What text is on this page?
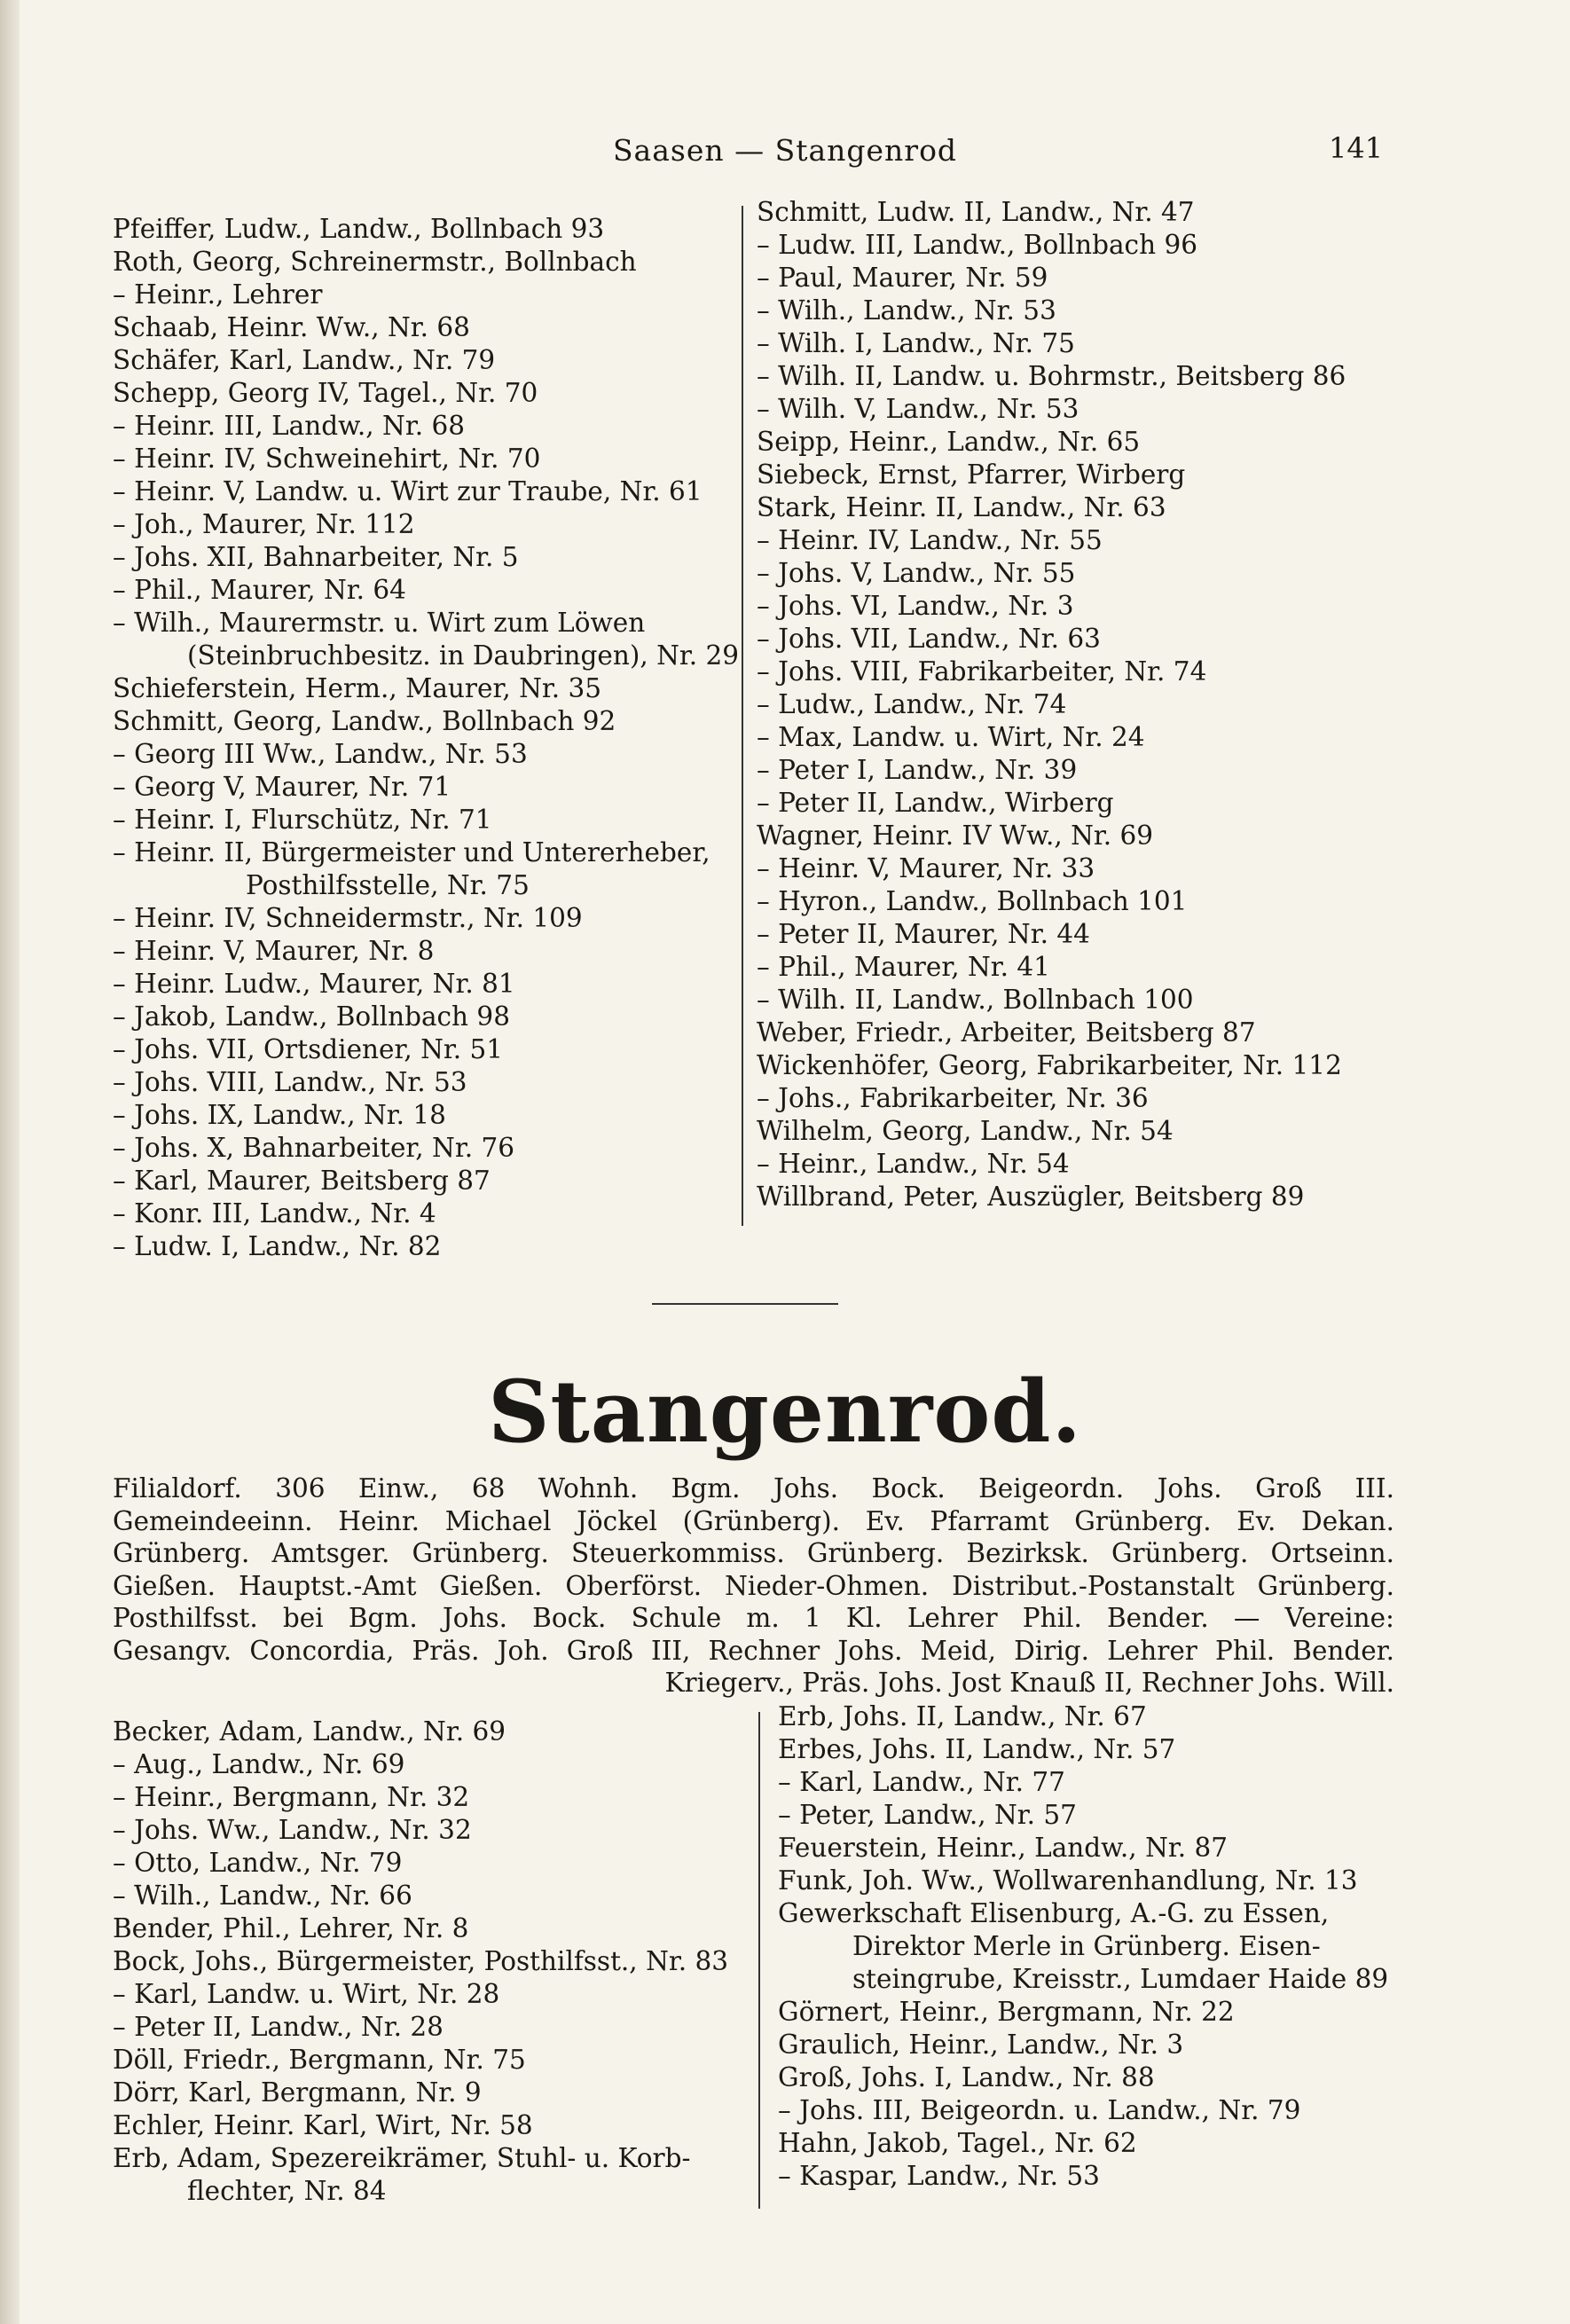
Saasen — Stangenrod	141
Pfeiffer, Ludw., Landw., Bollnbach 93
Roth, Georg, Schreinermstr., Bollnbach
– Heinr., Lehrer
Schaab, Heinr. Ww., Nr. 68
Schäfer, Karl, Landw., Nr. 79
Schepp, Georg IV, Tagel., Nr. 70
– Heinr. III, Landw., Nr. 68
– Heinr. IV, Schweinehirt, Nr. 70
– Heinr. V, Landw. u. Wirt zur Traube, Nr. 61
– Joh., Maurer, Nr. 112
– Johs. XII, Bahnarbeiter, Nr. 5
– Phil., Maurer, Nr. 64
– Wilh., Maurermstr. u. Wirt zum Löwen
(Steinbruchbesitz. in Daubringen), Nr. 29
Schieferstein, Herm., Maurer, Nr. 35
Schmitt, Georg, Landw., Bollnbach 92
– Georg III Ww., Landw., Nr. 53
– Georg V, Maurer, Nr. 71
– Heinr. I, Flurschütz, Nr. 71
– Heinr. II, Bürgermeister und Untererheber,
Posthilfsstelle, Nr. 75
– Heinr. IV, Schneidermstr., Nr. 109
– Heinr. V, Maurer, Nr. 8
– Heinr. Ludw., Maurer, Nr. 81
– Jakob, Landw., Bollnbach 98
– Johs. VII, Ortsdiener, Nr. 51
– Johs. VIII, Landw., Nr. 53
– Johs. IX, Landw., Nr. 18
– Johs. X, Bahnarbeiter, Nr. 76
– Karl, Maurer, Beitsberg 87
– Konr. III, Landw., Nr. 4
– Ludw. I, Landw., Nr. 82
Schmitt, Ludw. II, Landw., Nr. 47
– Ludw. III, Landw., Bollnbach 96
– Paul, Maurer, Nr. 59
– Wilh., Landw., Nr. 53
– Wilh. I, Landw., Nr. 75
– Wilh. II, Landw. u. Bohrmstr., Beitsberg 86
– Wilh. V, Landw., Nr. 53
Seipp, Heinr., Landw., Nr. 65
Siebeck, Ernst, Pfarrer, Wirberg
Stark, Heinr. II, Landw., Nr. 63
– Heinr. IV, Landw., Nr. 55
– Johs. V, Landw., Nr. 55
– Johs. VI, Landw., Nr. 3
– Johs. VII, Landw., Nr. 63
– Johs. VIII, Fabrikarbeiter, Nr. 74
– Ludw., Landw., Nr. 74
– Max, Landw. u. Wirt, Nr. 24
– Peter I, Landw., Nr. 39
– Peter II, Landw., Wirberg
Wagner, Heinr. IV Ww., Nr. 69
– Heinr. V, Maurer, Nr. 33
– Hyron., Landw., Bollnbach 101
– Peter II, Maurer, Nr. 44
– Phil., Maurer, Nr. 41
– Wilh. II, Landw., Bollnbach 100
Weber, Friedr., Arbeiter, Beitsberg 87
Wickenhöfer, Georg, Fabrikarbeiter, Nr. 112
– Johs., Fabrikarbeiter, Nr. 36
Wilhelm, Georg, Landw., Nr. 54
– Heinr., Landw., Nr. 54
Willbrand, Peter, Auszügler, Beitsberg 89
Stangenrod.
Filialdorf. 306 Einw., 68 Wohnh. Bgm. Johs. Bock. Beigeordn. Johs. Groß III.
Gemeindeeinn. Heinr. Michael Jöckel (Grünberg). Ev. Pfarramt Grünberg. Ev. Dekan.
Grünberg. Amtsger. Grünberg. Steuerkommiss. Grünberg. Bezirksk. Grünberg. Ortseinn.
Gießen. Hauptst.-Amt Gießen. Oberförst. Nieder-Ohmen. Distribut.-Postanstalt Grünberg.
Posthilfsst. bei Bgm. Johs. Bock. Schule m. 1 Kl. Lehrer Phil. Bender. — Vereine:
Gesangv. Concordia, Präs. Joh. Groß III, Rechner Johs. Meid, Dirig. Lehrer Phil. Bender.
Kriegerv., Präs. Johs. Jost Knauß II, Rechner Johs. Will.
Becker, Adam, Landw., Nr. 69
– Aug., Landw., Nr. 69
– Heinr., Bergmann, Nr. 32
– Johs. Ww., Landw., Nr. 32
– Otto, Landw., Nr. 79
– Wilh., Landw., Nr. 66
Bender, Phil., Lehrer, Nr. 8
Bock, Johs., Bürgermeister, Posthilfsst., Nr. 83
– Karl, Landw. u. Wirt, Nr. 28
– Peter II, Landw., Nr. 28
Döll, Friedr., Bergmann, Nr. 75
Dörr, Karl, Bergmann, Nr. 9
Echler, Heinr. Karl, Wirt, Nr. 58
Erb, Adam, Spezereikrämer, Stuhl- u. Korb-
flechter, Nr. 84
Erb, Johs. II, Landw., Nr. 67
Erbes, Johs. II, Landw., Nr. 57
– Karl, Landw., Nr. 77
– Peter, Landw., Nr. 57
Feuerstein, Heinr., Landw., Nr. 87
Funk, Joh. Ww., Wollwarenhandlung, Nr. 13
Gewerkschaft Elisenburg, A.-G. zu Essen,
Direktor Merle in Grünberg. Eisen-
steingrube, Kreisstr., Lumdaer Haide 89
Görnert, Heinr., Bergmann, Nr. 22
Graulich, Heinr., Landw., Nr. 3
Groß, Johs. I, Landw., Nr. 88
– Johs. III, Beigeordn. u. Landw., Nr. 79
Hahn, Jakob, Tagel., Nr. 62
– Kaspar, Landw., Nr. 53
